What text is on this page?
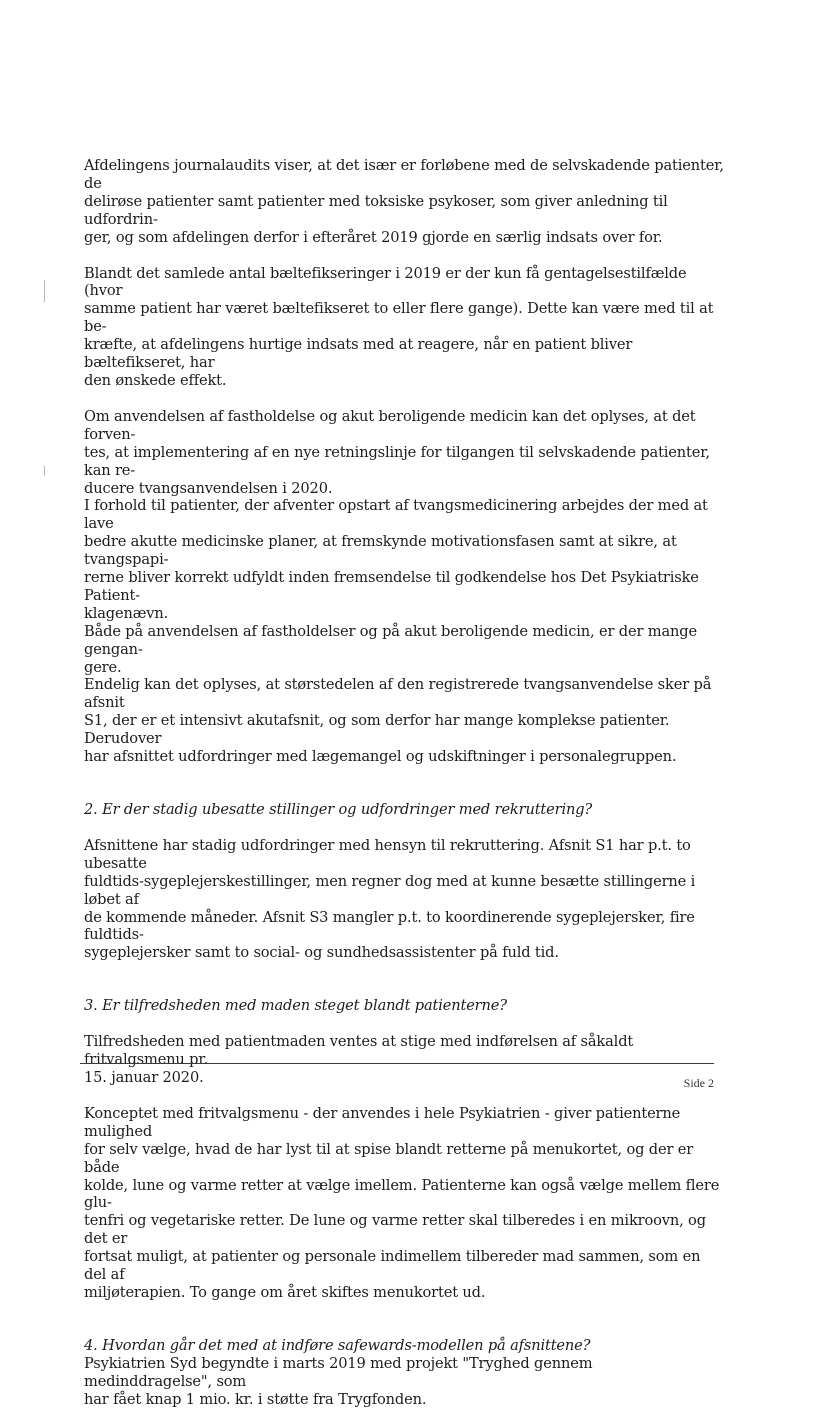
Afdelingens journalaudits viser, at det især er forløbene med de selvskadende patienter, de
delirøse patienter samt patienter med toksiske psykoser, som giver anledning til udfordrin-
ger, og som afdelingen derfor i efteråret 2019 gjorde en særlig indsats over for.

Blandt det samlede antal bæltefikseringer i 2019 er der kun få gentagelsestilfælde (hvor
samme patient har været bæltefikseret to eller flere gange). Dette kan være med til at be-
kræfte, at afdelingens hurtige indsats med at reagere, når en patient bliver bæltefikseret, har
den ønskede effekt.

Om anvendelsen af fastholdelse og akut beroligende medicin kan det oplyses, at det forven-
tes, at implementering af en nye retningslinje for tilgangen til selvskadende patienter, kan re-
ducere tvangsanvendelsen i 2020.
I forhold til patienter, der afventer opstart af tvangsmedicinering arbejdes der med at lave
bedre akutte medicinske planer, at fremskynde motivationsfasen samt at sikre, at tvangspapi-
rerne bliver korrekt udfyldt inden fremsendelse til godkendelse hos Det Psykiatriske Patient-
klagenævn.
Både på anvendelsen af fastholdelser og på akut beroligende medicin, er der mange gengan-
gere.
Endelig kan det oplyses, at størstedelen af den registrerede tvangsanvendelse sker på afsnit
S1, der er et intensivt akutafsnit, og som derfor har mange komplekse patienter. Derudover
har afsnittet udfordringer med lægemangel og udskiftninger i personalegruppen.

2. Er der stadig ubesatte stillinger og udfordringer med rekruttering?

Afsnittene har stadig udfordringer med hensyn til rekruttering. Afsnit S1 har p.t. to ubesatte
fuldtids-sygeplejerskestillinger, men regner dog med at kunne besætte stillingerne i løbet af
de kommende måneder. Afsnit S3 mangler p.t. to koordinerende sygeplejersker, fire fuldtids-
sygeplejersker samt to social- og sundhedsassistenter på fuld tid.

3. Er tilfredsheden med maden steget blandt patienterne?

Tilfredsheden med patientmaden ventes at stige med indførelsen af såkaldt fritvalgsmenu pr.
15. januar 2020.

Konceptet med fritvalgsmenu - der anvendes i hele Psykiatrien - giver patienterne mulighed
for selv vælge, hvad de har lyst til at spise blandt retterne på menukortet, og der er både
kolde, lune og varme retter at vælge imellem. Patienterne kan også vælge mellem flere glu-
tenfri og vegetariske retter. De lune og varme retter skal tilberedes i en mikroovn, og det er
fortsat muligt, at patienter og personale indimellem tilbereder mad sammen, som en del af
miljøterapien. To gange om året skiftes menukortet ud.

4. Hvordan går det med at indføre safewards-modellen på afsnittene?

Psykiatrien Syd begyndte i marts 2019 med projekt "Tryghed gennem medinddragelse", som
har fået knap 1 mio. kr. i støtte fra Trygfonden.

Side 2
